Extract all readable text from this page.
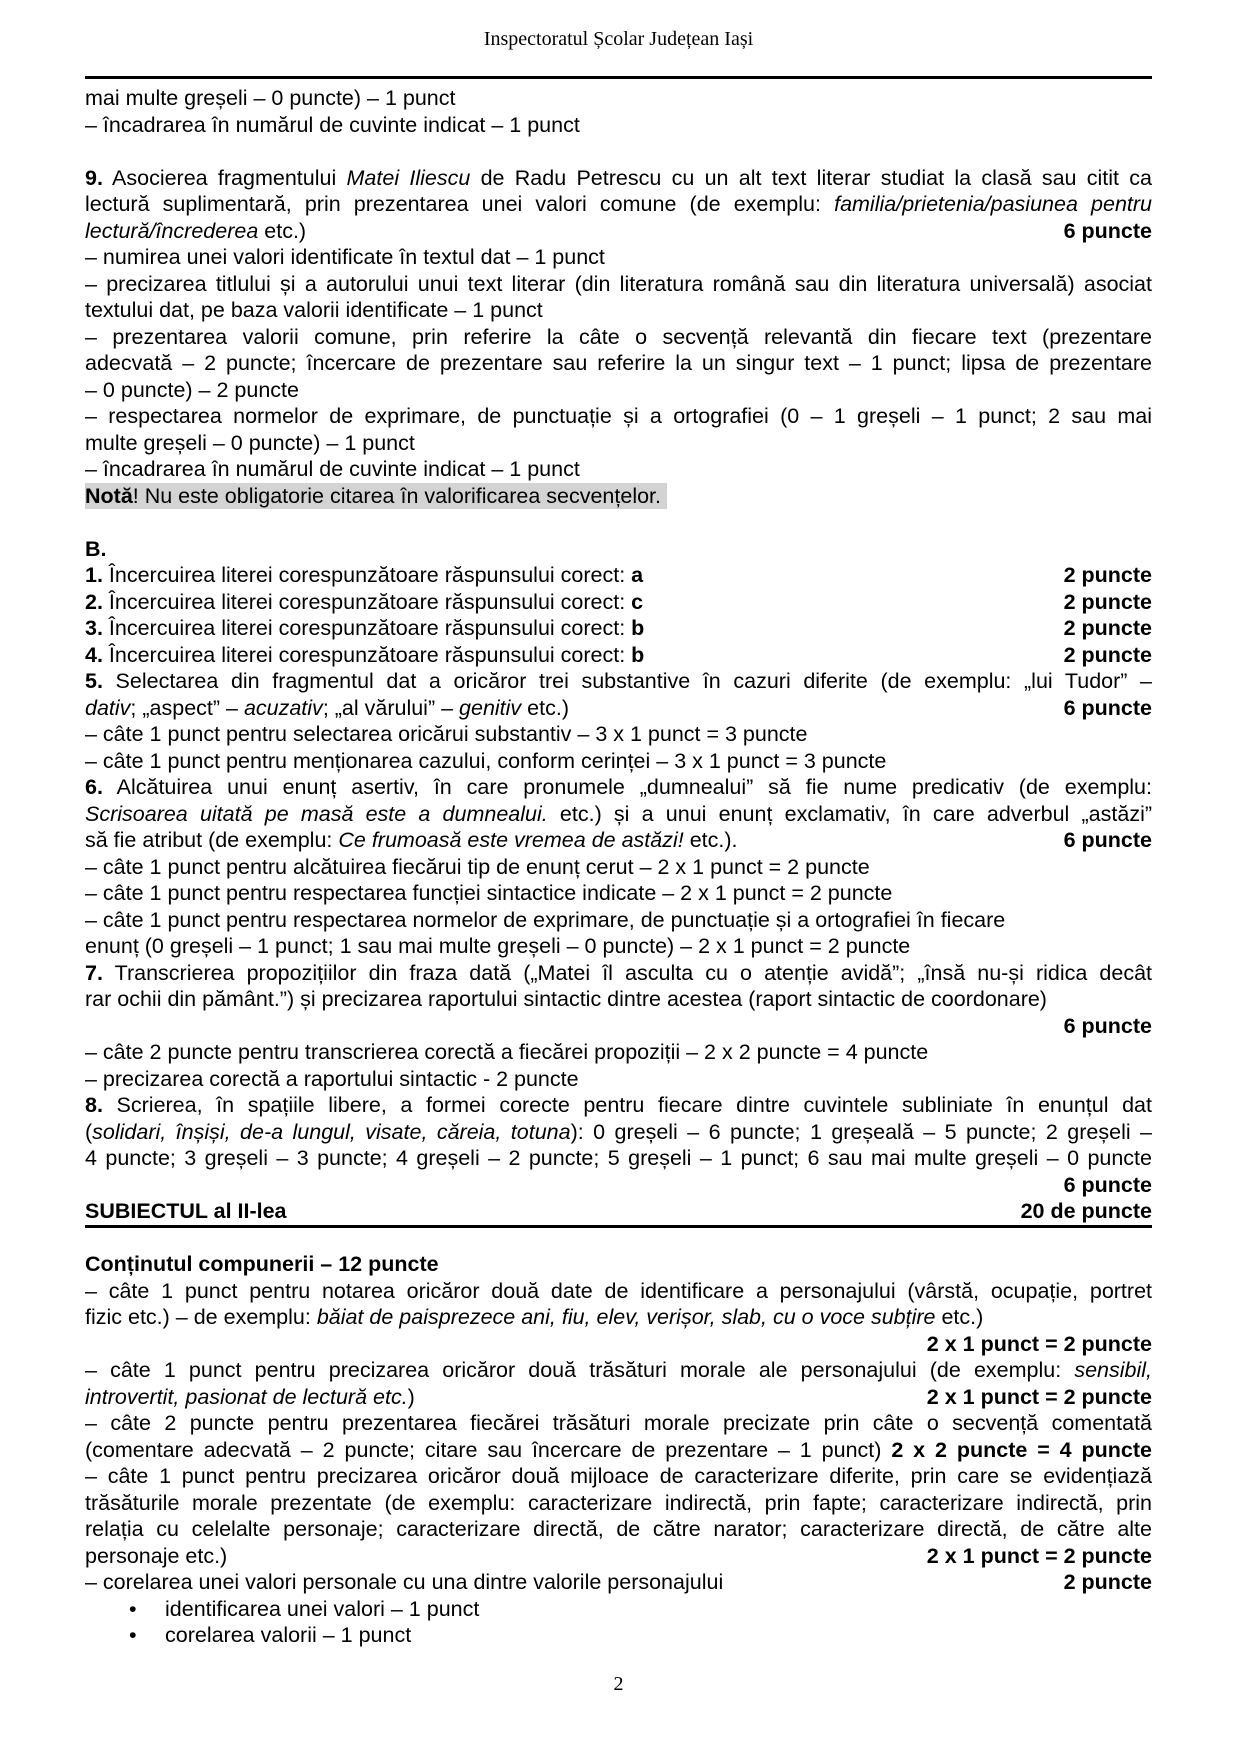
Inspectoratul Școlar Județean Iași
mai multe greșeli – 0 puncte) – 1 punct
– încadrarea în numărul de cuvinte indicat – 1 punct
9. Asocierea fragmentului Matei Iliescu de Radu Petrescu cu un alt text literar studiat la clasă sau citit ca
lectură suplimentară, prin prezentarea unei valori comune (de exemplu: familia/prietenia/pasiunea pentru
lectură/încrederea etc.)	6 puncte
– numirea unei valori identificate în textul dat – 1 punct
– precizarea titlului și a autorului unui text literar (din literatura română sau din literatura universală) asociat
textului dat, pe baza valorii identificate – 1 punct
– prezentarea valorii comune, prin referire la câte o secvență relevantă din fiecare text (prezentare
adecvată – 2 puncte; încercare de prezentare sau referire la un singur text – 1 punct; lipsa de prezentare
– 0 puncte) – 2 puncte
– respectarea normelor de exprimare, de punctuație și a ortografiei (0 – 1 greșeli – 1 punct; 2 sau mai
multe greșeli – 0 puncte) – 1 punct
– încadrarea în numărul de cuvinte indicat – 1 punct
Notă! Nu este obligatorie citarea în valorificarea secvențelor.
B.
1. Încercuirea literei corespunzătoare răspunsului corect: a	2 puncte
2. Încercuirea literei corespunzătoare răspunsului corect: c	2 puncte
3. Încercuirea literei corespunzătoare răspunsului corect: b	2 puncte
4. Încercuirea literei corespunzătoare răspunsului corect: b	2 puncte
5. Selectarea din fragmentul dat a oricăror trei substantive în cazuri diferite (de exemplu: „lui Tudor” –
dativ; „aspect” – acuzativ; „al vărului” – genitiv etc.)	6 puncte
– câte 1 punct pentru selectarea oricărui substantiv – 3 x 1 punct = 3 puncte
– câte 1 punct pentru menționarea cazului, conform cerinței – 3 x 1 punct = 3 puncte
6. Alcătuirea unui enunț asertiv, în care pronumele „dumnealui” să fie nume predicativ (de exemplu:
Scrisoarea uitată pe masă este a dumnealui. etc.) și a unui enunț exclamativ, în care adverbul „astăzi”
să fie atribut (de exemplu: Ce frumoasă este vremea de astăzi! etc.).	6 puncte
– câte 1 punct pentru alcătuirea fiecărui tip de enunț cerut – 2 x 1 punct = 2 puncte
– câte 1 punct pentru respectarea funcției sintactice indicate – 2 x 1 punct = 2 puncte
– câte 1 punct pentru respectarea normelor de exprimare, de punctuație și a ortografiei în fiecare
enunț (0 greșeli – 1 punct; 1 sau mai multe greșeli – 0 puncte) – 2 x 1 punct = 2 puncte
7. Transcrierea propozițiilor din fraza dată („Matei îl asculta cu o atenție avidă”; „însă nu-și ridica decât
rar ochii din pământ.”) și precizarea raportului sintactic dintre acestea (raport sintactic de coordonare)
6 puncte
– câte 2 puncte pentru transcrierea corectă a fiecărei propoziții – 2 x 2 puncte = 4 puncte
– precizarea corectă a raportului sintactic - 2 puncte
8. Scrierea, în spațiile libere, a formei corecte pentru fiecare dintre cuvintele subliniate în enunțul dat
(solidari, înșiși, de-a lungul, visate, căreia, totuna): 0 greșeli – 6 puncte; 1 greșeală – 5 puncte; 2 greșeli –
4 puncte; 3 greșeli – 3 puncte; 4 greșeli – 2 puncte; 5 greșeli – 1 punct; 6 sau mai multe greșeli – 0 puncte
6 puncte
SUBIECTUL al II-lea	20 de puncte
Conținutul compunerii – 12 puncte
– câte 1 punct pentru notarea oricăror două date de identificare a personajului (vârstă, ocupație, portret
fizic etc.) – de exemplu: băiat de paisprezece ani, fiu, elev, verișor, slab, cu o voce subțire etc.)
2 x 1 punct = 2 puncte
– câte 1 punct pentru precizarea oricăror două trăsături morale ale personajului (de exemplu: sensibil,
introvertit, pasionat de lectură etc.)	2 x 1 punct = 2 puncte
– câte 2 puncte pentru prezentarea fiecărei trăsături morale precizate prin câte o secvență comentată
(comentare adecvată – 2 puncte; citare sau încercare de prezentare – 1 punct) 2 x 2 puncte = 4 puncte
– câte 1 punct pentru precizarea oricăror două mijloace de caracterizare diferite, prin care se evidențiază
trăsăturile morale prezentate (de exemplu: caracterizare indirectă, prin fapte; caracterizare indirectă, prin
relația cu celelalte personaje; caracterizare directă, de către narator; caracterizare directă, de către alte
personaje etc.)	2 x 1 punct = 2 puncte
– corelarea unei valori personale cu una dintre valorile personajului	2 puncte
• identificarea unei valori – 1 punct
• corelarea valorii – 1 punct
2
